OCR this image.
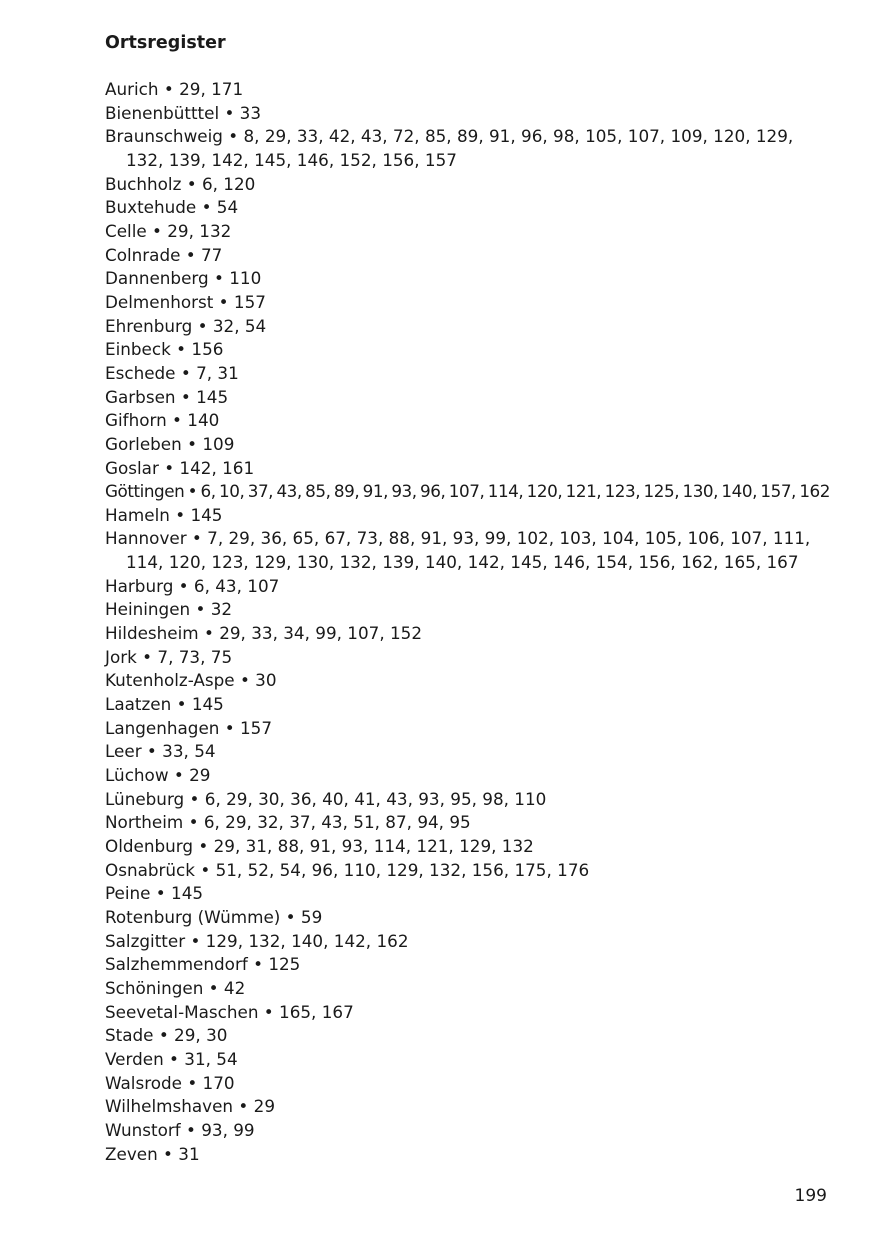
Ortsregister
Aurich • 29, 171
Bienenbütttel • 33
Braunschweig • 8, 29, 33, 42, 43, 72, 85, 89, 91, 96, 98, 105, 107, 109, 120, 129, 132, 139, 142, 145, 146, 152, 156, 157
Buchholz • 6, 120
Buxtehude • 54
Celle • 29, 132
Colnrade • 77
Dannenberg • 110
Delmenhorst • 157
Ehrenburg • 32, 54
Einbeck • 156
Eschede • 7, 31
Garbsen • 145
Gifhorn • 140
Gorleben • 109
Goslar • 142, 161
Göttingen • 6, 10, 37, 43, 85, 89, 91, 93, 96, 107, 114, 120, 121, 123, 125, 130, 140, 157, 162
Hameln • 145
Hannover • 7, 29, 36, 65, 67, 73, 88, 91, 93, 99, 102, 103, 104, 105, 106, 107, 111, 114, 120, 123, 129, 130, 132, 139, 140, 142, 145, 146, 154, 156, 162, 165, 167
Harburg • 6, 43, 107
Heiningen • 32
Hildesheim • 29, 33, 34, 99, 107, 152
Jork • 7, 73, 75
Kutenholz-Aspe • 30
Laatzen • 145
Langenhagen • 157
Leer • 33, 54
Lüchow • 29
Lüneburg • 6, 29, 30, 36, 40, 41, 43, 93, 95, 98, 110
Northeim • 6, 29, 32, 37, 43, 51, 87, 94, 95
Oldenburg • 29, 31, 88, 91, 93, 114, 121, 129, 132
Osnabrück • 51, 52, 54, 96, 110, 129, 132, 156, 175, 176
Peine • 145
Rotenburg (Wümme) • 59
Salzgitter • 129, 132, 140, 142, 162
Salzhemmendorf • 125
Schöningen • 42
Seevetal-Maschen • 165, 167
Stade • 29, 30
Verden • 31, 54
Walsrode • 170
Wilhelmshaven • 29
Wunstorf • 93, 99
Zeven • 31
199
